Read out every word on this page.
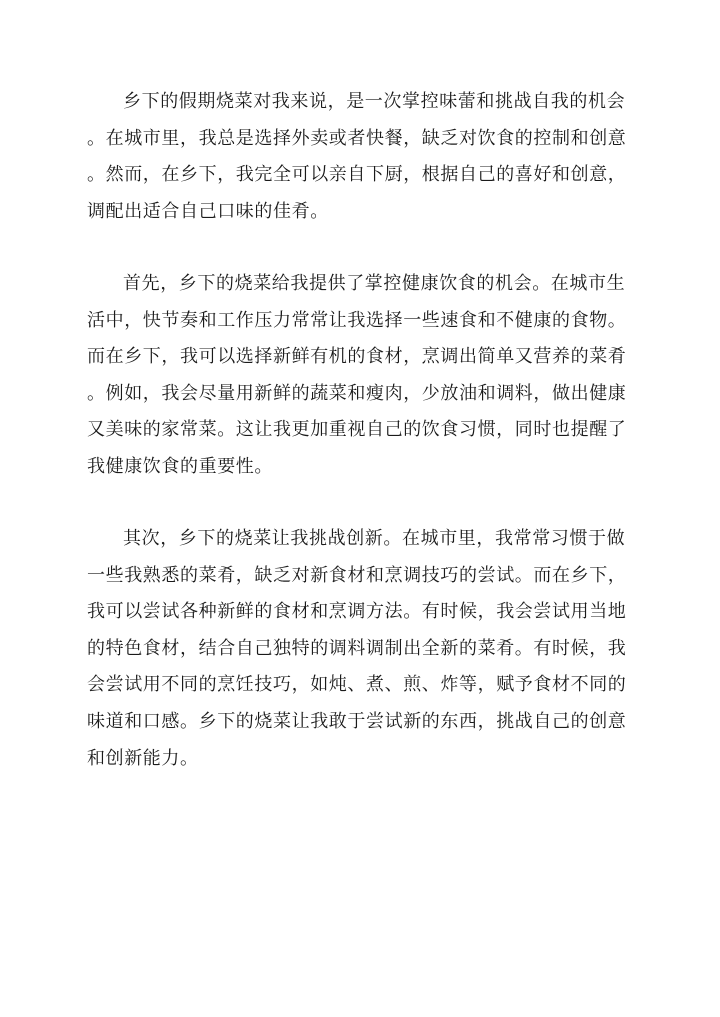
乡下的假期烧菜对我来说，是一次掌控味蕾和挑战自我的机会
。在城市里，我总是选择外卖或者快餐，缺乏对饮食的控制和创意
。然而，在乡下，我完全可以亲自下厨，根据自己的喜好和创意，
调配出适合自己口味的佳肴。
首先，乡下的烧菜给我提供了掌控健康饮食的机会。在城市生
活中，快节奏和工作压力常常让我选择一些速食和不健康的食物。
而在乡下，我可以选择新鲜有机的食材，烹调出简单又营养的菜肴
。例如，我会尽量用新鲜的蔬菜和瘦肉，少放油和调料，做出健康
又美味的家常菜。这让我更加重视自己的饮食习惯，同时也提醒了
我健康饮食的重要性。
其次，乡下的烧菜让我挑战创新。在城市里，我常常习惯于做
一些我熟悉的菜肴，缺乏对新食材和烹调技巧的尝试。而在乡下，
我可以尝试各种新鲜的食材和烹调方法。有时候，我会尝试用当地
的特色食材，结合自己独特的调料调制出全新的菜肴。有时候，我
会尝试用不同的烹饪技巧，如炖、煮、煎、炸等，赋予食材不同的
味道和口感。乡下的烧菜让我敢于尝试新的东西，挑战自己的创意
和创新能力。
